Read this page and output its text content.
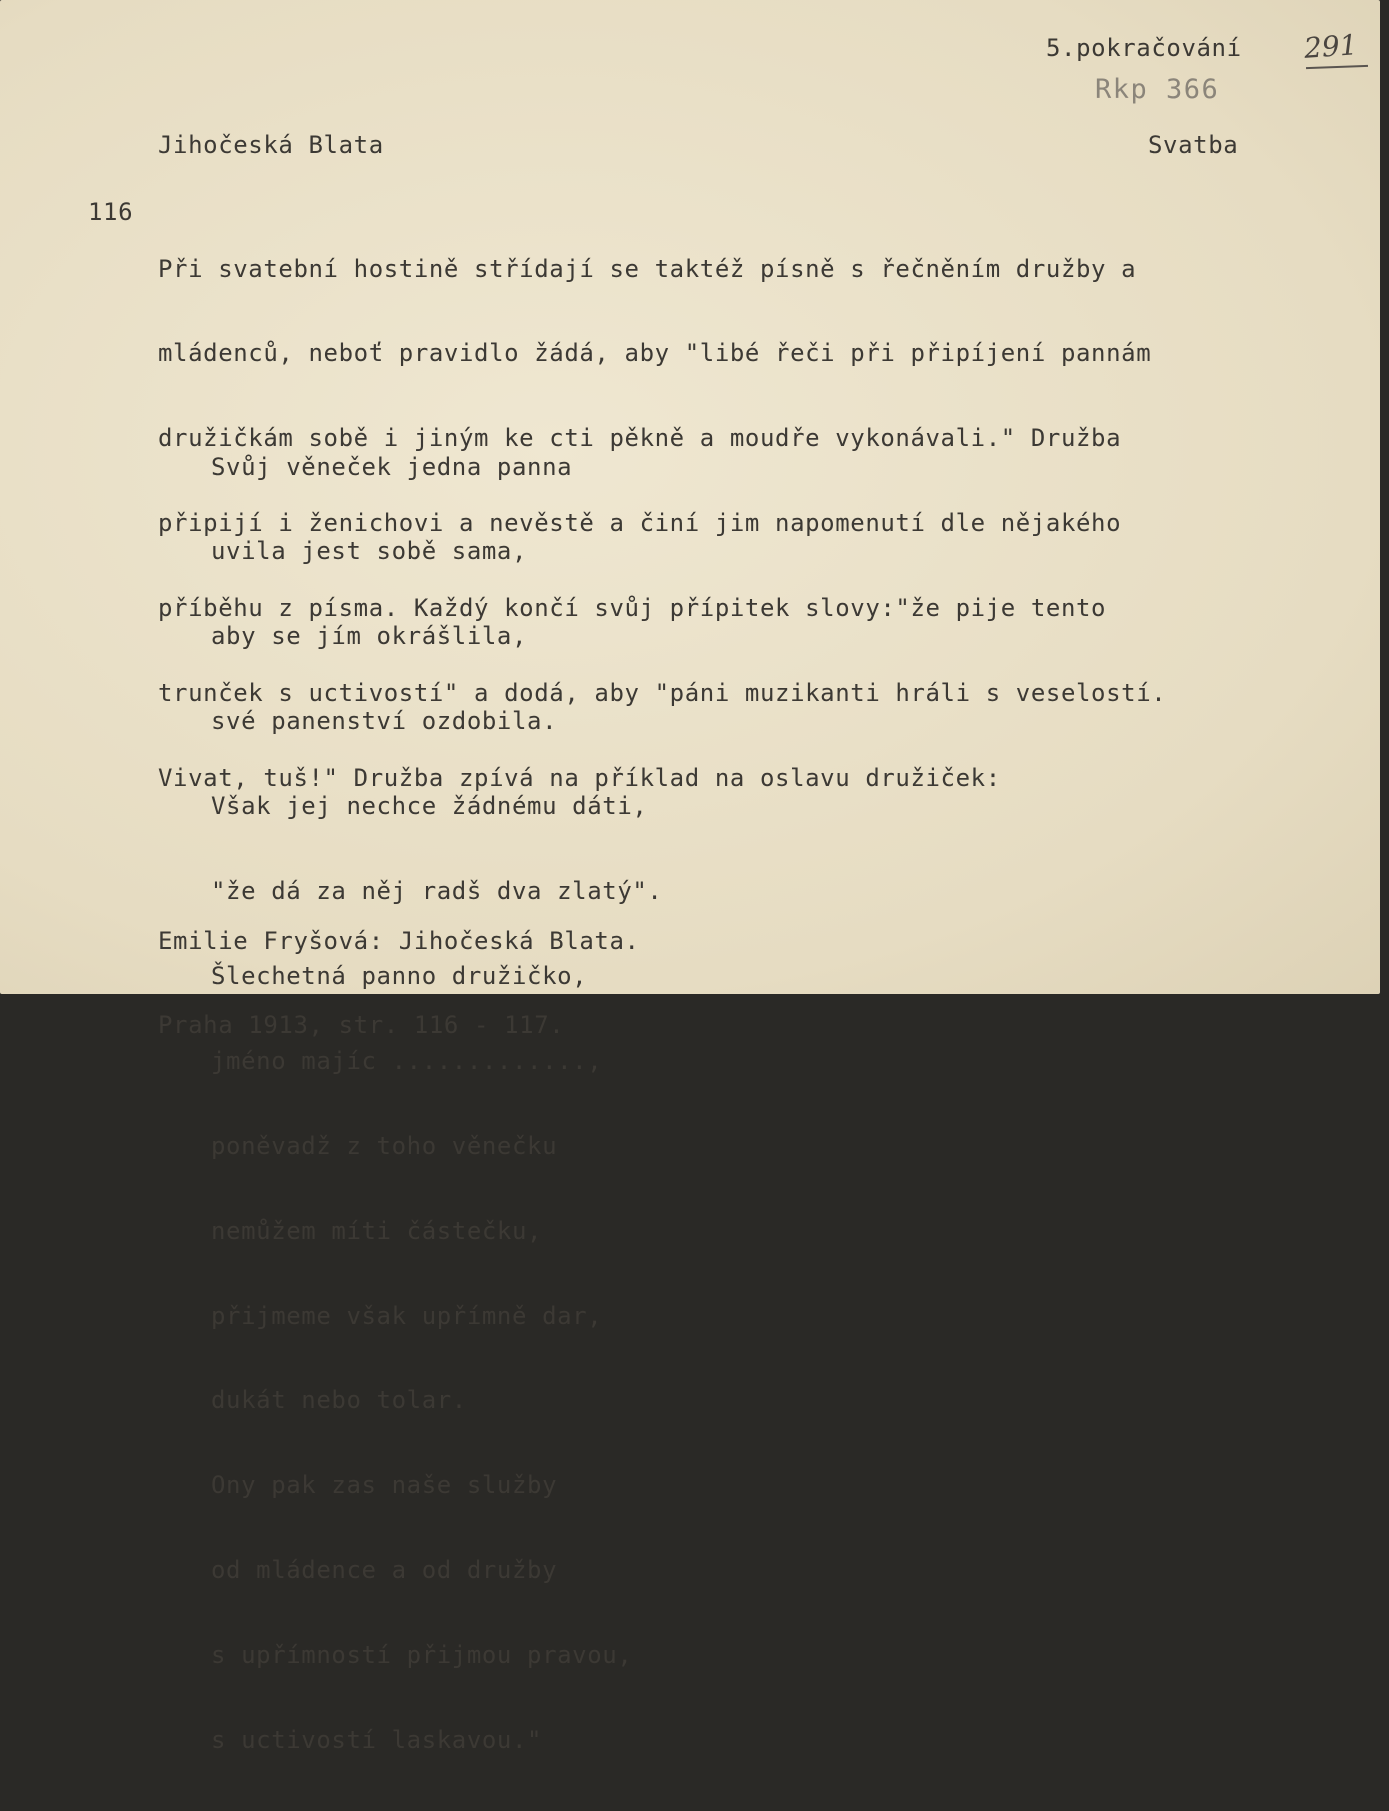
5.pokračování 291
Rkp 366
Jihočeská Blata	Svatba
116

Při svatební hostině střídají se taktéž písně s řečněním družby a

mládenců, neboť pravidlo žádá, aby "libé řeči při připíjení pannám

družičkám sobě i jiným ke cti pěkně a moudře vykonávali." Družba

připijí i ženichovi a nevěstě a činí jim napomenutí dle nějakého

příběhu z písma. Každý končí svůj přípitek slovy:"že pije tento

trunček s uctivostí" a dodá, aby "páni muzikanti hráli s veselostí.

Vivat, tuš!" Družba zpívá na příklad na oslavu družiček:

Svůj věneček jedna panna

uvila jest sobě sama,

aby se jím okrášlila,

své panenství ozdobila.

Však jej nechce žádnému dáti,

"že dá za něj radš dva zlatý".

Šlechetná panno družičko,

jméno majíc .............,

poněvadž z toho věnečku

nemůžem míti částečku,

přijmeme však upřímně dar,

dukát nebo tolar.

Ony pak zas naše služby

od mládence a od družby

s upřímností přijmou pravou,

s uctivostí laskavou."

Emilie Fryšová: Jihočeská Blata.

Praha 1913, str. 116 - 117.
